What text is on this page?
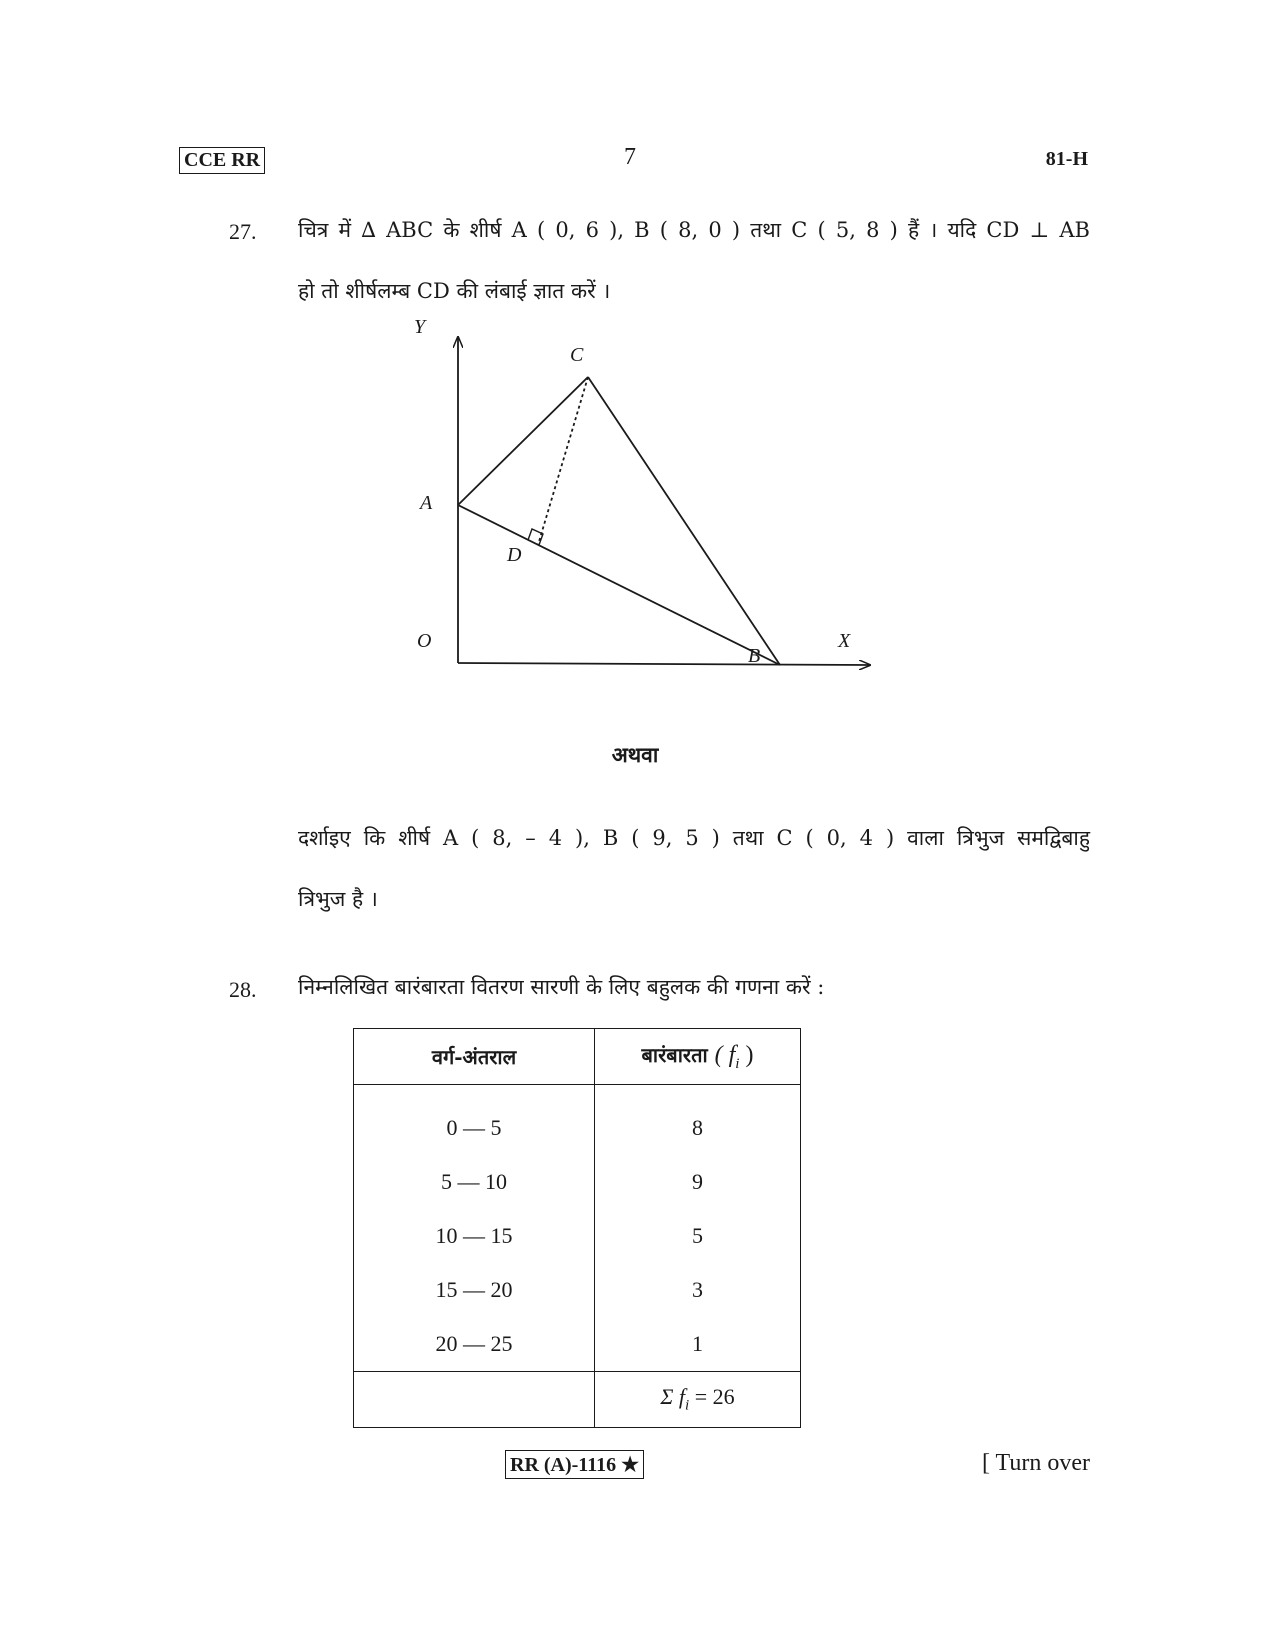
CCE RR	7	81-H
27. चित्र में ∆ ABC के शीर्ष A ( 0, 6 ), B ( 8, 0 ) तथा C ( 5, 8 ) हैं । यदि CD ⊥ AB
हो तो शीर्षलम्ब CD की लंबाई ज्ञात करें ।
Y
X
O
A
C
D
B
अथवा
दर्शाइए कि शीर्ष A ( 8, – 4 ), B ( 9, 5 ) तथा C ( 0, 4 ) वाला त्रिभुज समद्विबाहु
त्रिभुज है ।
28. निम्नलिखित बारंबारता वितरण सारणी के लिए बहुलक की गणना करें :
वर्ग-अंतराल	बारंबारता ( $f_i$ )
0 — 5	8
5 — 10	9
10 — 15	5
15 — 20	3
20 — 25	1
	Σ $f_i = 26$
RR (A)-1116 ★	[ Turn over
